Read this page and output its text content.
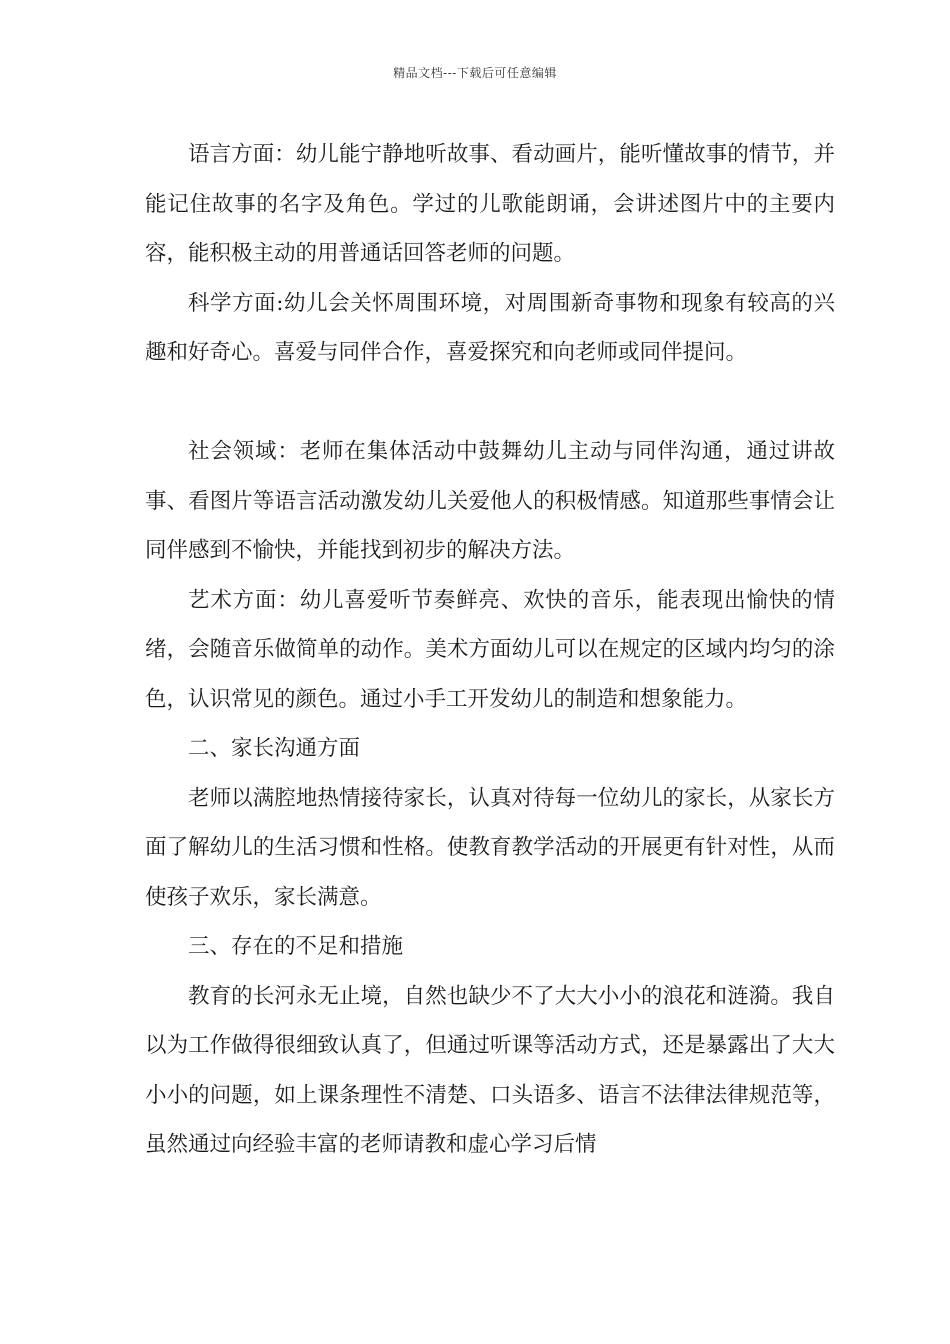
精品文档---下载后可任意编辑

语言方面：幼儿能宁静地听故事、看动画片，能听懂故事的情节，并能记住故事的名字及角色。学过的儿歌能朗诵，会讲述图片中的主要内容，能积极主动的用普通话回答老师的问题。

科学方面:幼儿会关怀周围环境，对周围新奇事物和现象有较高的兴趣和好奇心。喜爱与同伴合作，喜爱探究和向老师或同伴提问。

社会领域：老师在集体活动中鼓舞幼儿主动与同伴沟通，通过讲故事、看图片等语言活动激发幼儿关爱他人的积极情感。知道那些事情会让同伴感到不愉快，并能找到初步的解决方法。

艺术方面：幼儿喜爱听节奏鲜亮、欢快的音乐，能表现出愉快的情绪，会随音乐做简单的动作。美术方面幼儿可以在规定的区域内均匀的涂色，认识常见的颜色。通过小手工开发幼儿的制造和想象能力。

二、家长沟通方面

老师以满腔地热情接待家长，认真对待每一位幼儿的家长，从家长方面了解幼儿的生活习惯和性格。使教育教学活动的开展更有针对性，从而使孩子欢乐，家长满意。

三、存在的不足和措施

教育的长河永无止境，自然也缺少不了大大小小的浪花和涟漪。我自以为工作做得很细致认真了，但通过听课等活动方式，还是暴露出了大大小小的问题，如上课条理性不清楚、口头语多、语言不法律法律规范等，虽然通过向经验丰富的老师请教和虚心学习后情
